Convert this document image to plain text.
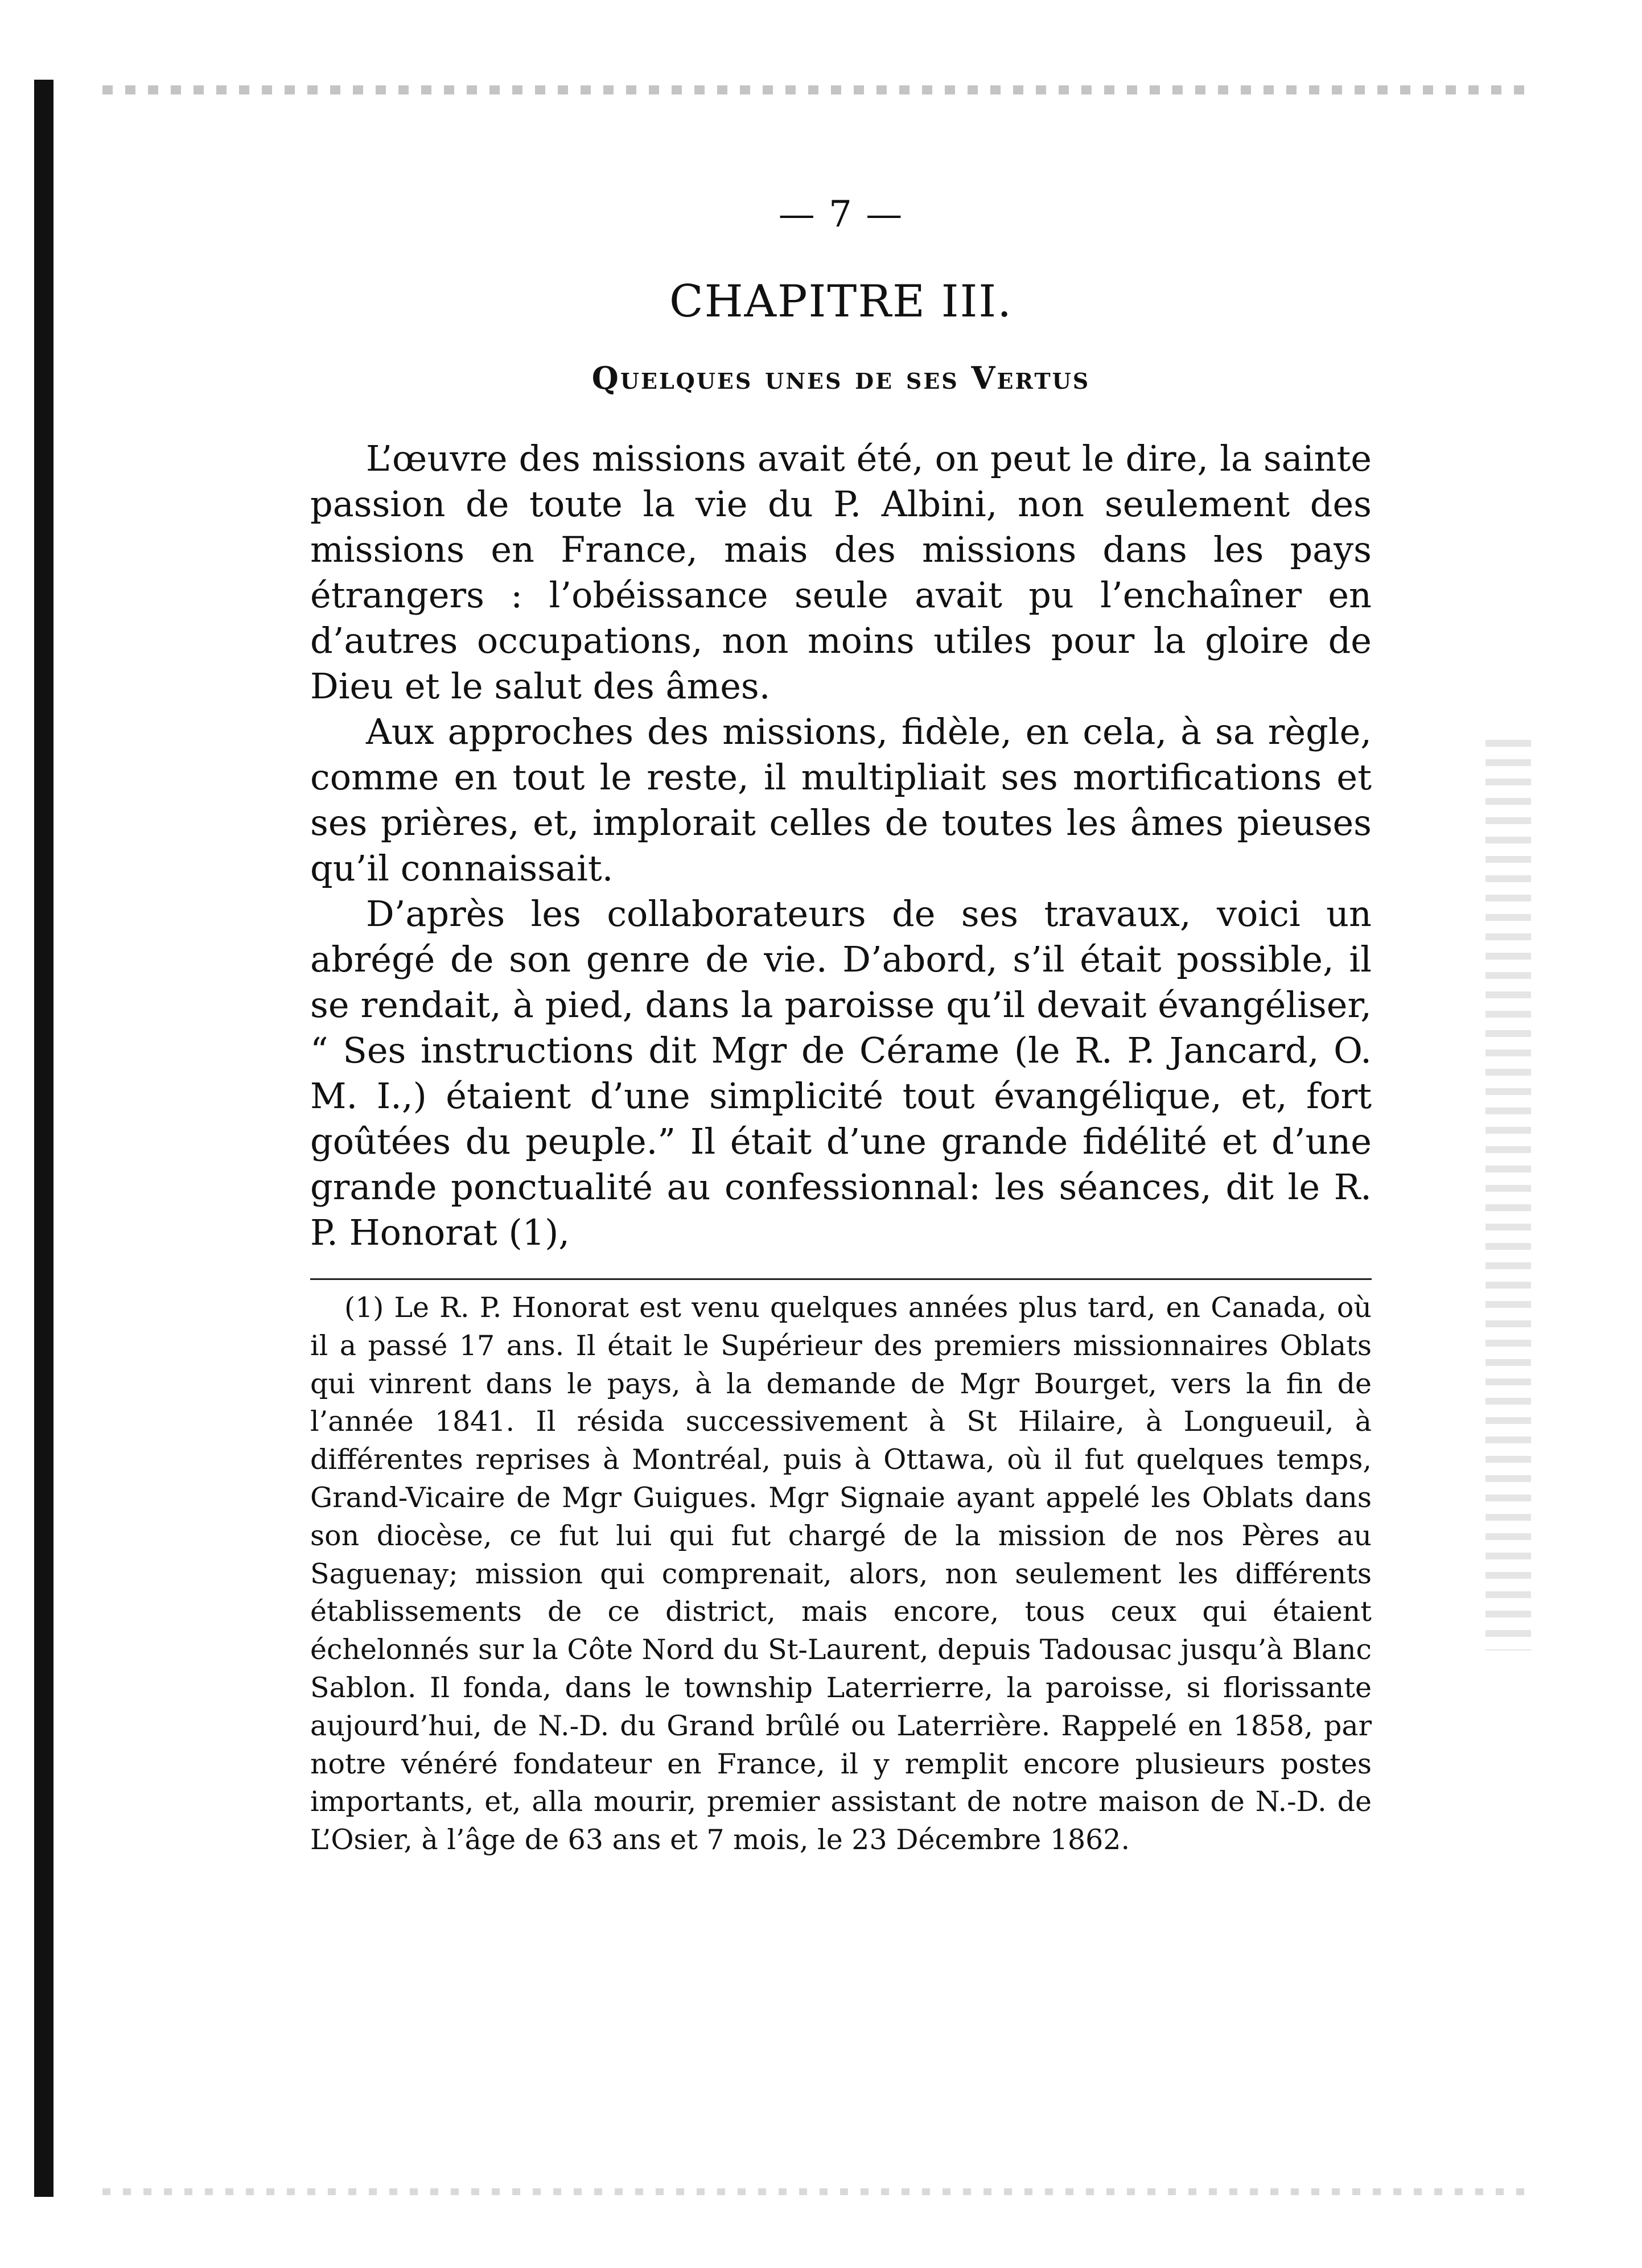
— 7 —
CHAPITRE III.
Quelques unes de ses Vertus

L’œuvre des missions avait été, on peut le dire, la sainte passion de toute la vie du P. Albini, non seulement des missions en France, mais des missions dans les pays étrangers : l’obéissance seule avait pu l’enchaîner en d’autres occupations, non moins utiles pour la gloire de Dieu et le salut des âmes.

Aux approches des missions, fidèle, en cela, à sa règle, comme en tout le reste, il multipliait ses mortifications et ses prières, et, implorait celles de toutes les âmes pieuses qu’il connaissait.

D’après les collaborateurs de ses travaux, voici un abrégé de son genre de vie. D’abord, s’il était possible, il se rendait, à pied, dans la paroisse qu’il devait évangéliser, “ Ses instructions dit Mgr de Cérame (le R. P. Jancard, O. M. I.,) étaient d’une simplicité tout évangélique, et, fort goûtées du peuple.” Il était d’une grande fidélité et d’une grande ponctualité au confessionnal: les séances, dit le R. P. Honorat (1),

(1) Le R. P. Honorat est venu quelques années plus tard, en Canada, où il a passé 17 ans. Il était le Supérieur des premiers missionnaires Oblats qui vinrent dans le pays, à la demande de Mgr Bourget, vers la fin de l’année 1841. Il résida successivement à St Hilaire, à Longueuil, à différentes reprises à Montréal, puis à Ottawa, où il fut quelques temps, Grand-Vicaire de Mgr Guigues. Mgr Signaie ayant appelé les Oblats dans son diocèse, ce fut lui qui fut chargé de la mission de nos Pères au Saguenay; mission qui comprenait, alors, non seulement les différents établissements de ce district, mais encore, tous ceux qui étaient échelonnés sur la Côte Nord du St-Laurent, depuis Tadousac jusqu’à Blanc Sablon. Il fonda, dans le township Laterrierre, la paroisse, si florissante aujourd’hui, de N.-D. du Grand brûlé ou Laterrière. Rappelé en 1858, par notre vénéré fondateur en France, il y remplit encore plusieurs postes importants, et, alla mourir, premier assistant de notre maison de N.-D. de L’Osier, à l’âge de 63 ans et 7 mois, le 23 Décembre 1862.
